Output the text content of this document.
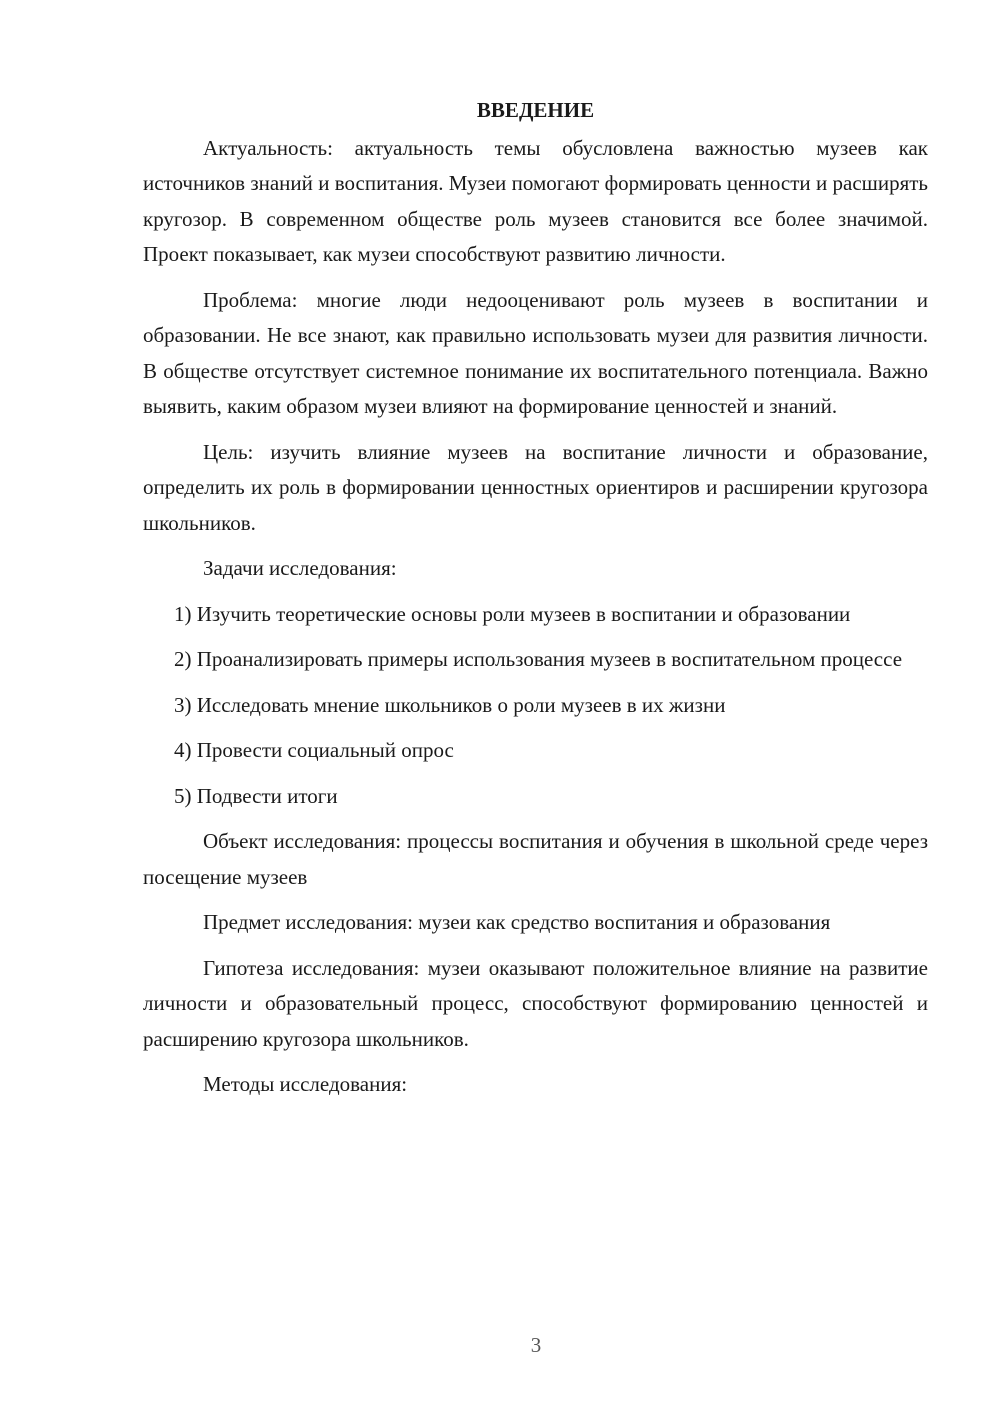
ВВЕДЕНИЕ

Актуальность: актуальность темы обусловлена важностью музеев как источников знаний и воспитания. Музеи помогают формировать ценности и расширять кругозор. В современном обществе роль музеев становится все более значимой. Проект показывает, как музеи способствуют развитию личности.

Проблема: многие люди недооценивают роль музеев в воспитании и образовании. Не все знают, как правильно использовать музеи для развития личности. В обществе отсутствует системное понимание их воспитательного потенциала. Важно выявить, каким образом музеи влияют на формирование ценностей и знаний.

Цель: изучить влияние музеев на воспитание личности и образование, определить их роль в формировании ценностных ориентиров и расширении кругозора школьников.

Задачи исследования:

1) Изучить теоретические основы роли музеев в воспитании и образовании

2) Проанализировать примеры использования музеев в воспитательном процессе

3) Исследовать мнение школьников о роли музеев в их жизни

4) Провести социальный опрос

5) Подвести итоги

Объект исследования: процессы воспитания и обучения в школьной среде через посещение музеев

Предмет исследования: музеи как средство воспитания и образования

Гипотеза исследования: музеи оказывают положительное влияние на развитие личности и образовательный процесс, способствуют формированию ценностей и расширению кругозора школьников.

Методы исследования:

3
